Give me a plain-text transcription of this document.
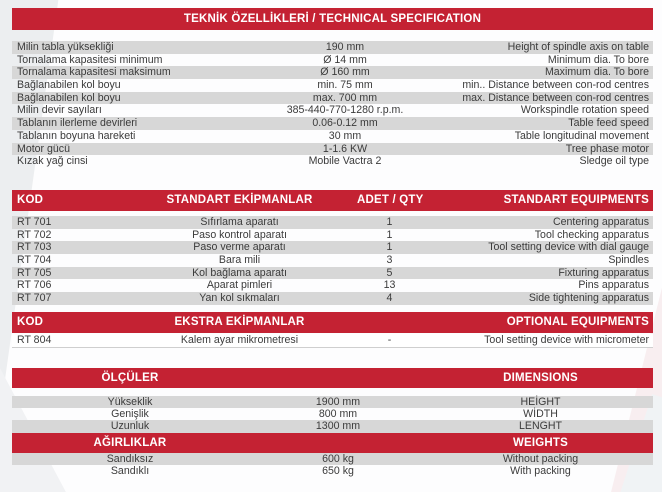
TEKNİK ÖZELLİKLERİ / TECHNICAL SPECIFICATION
Milin tabla yüksekliği	190 mm	Height of spindle axis on table
Tornalama kapasitesi minimum	Ø 14 mm	Minimum dia. To bore
Tornalama kapasitesi maksimum	Ø 160 mm	Maximum dia. To bore
Bağlanabilen kol boyu	min. 75 mm	min.. Distance between con-rod centres
Bağlanabilen kol boyu	max. 700 mm	max. Distance between con-rod centres
Milin devir sayıları	385-440-770-1280 r.p.m.	Workspindle rotation speed
Tablanın ilerleme devirleri	0.06-0.12 mm	Table feed speed
Tablanın boyuna hareketi	30 mm	Table longitudinal movement
Motor gücü	1-1.6 KW	Tree phase motor
Kızak yağ cinsi	Mobile Vactra 2	Sledge oil type
KOD	STANDART EKİPMANLAR	ADET / QTY	STANDART EQUIPMENTS
RT 701	Sıfırlama aparatı	1	Centering apparatus
RT 702	Paso kontrol aparatı	1	Tool checking apparatus
RT 703	Paso verme aparatı	1	Tool setting device with dial gauge
RT 704	Bara mili	3	Spindles
RT 705	Kol bağlama aparatı	5	Fixturing apparatus
RT 706	Aparat pimleri	13	Pins apparatus
RT 707	Yan kol sıkmaları	4	Side tightening apparatus
KOD	EKSTRA EKİPMANLAR	OPTIONAL EQUIPMENTS
RT 804	Kalem ayar mikrometresi	-	Tool setting device with micrometer
ÖLÇÜLER	DIMENSIONS
Yükseklik	1900 mm	HEİGHT
Genişlik	800 mm	WİDTH
Uzunluk	1300 mm	LENGHT
AĞIRLIKLAR	WEIGHTS
Sandıksız	600 kg	Without packing
Sandıklı	650 kg	With packing
